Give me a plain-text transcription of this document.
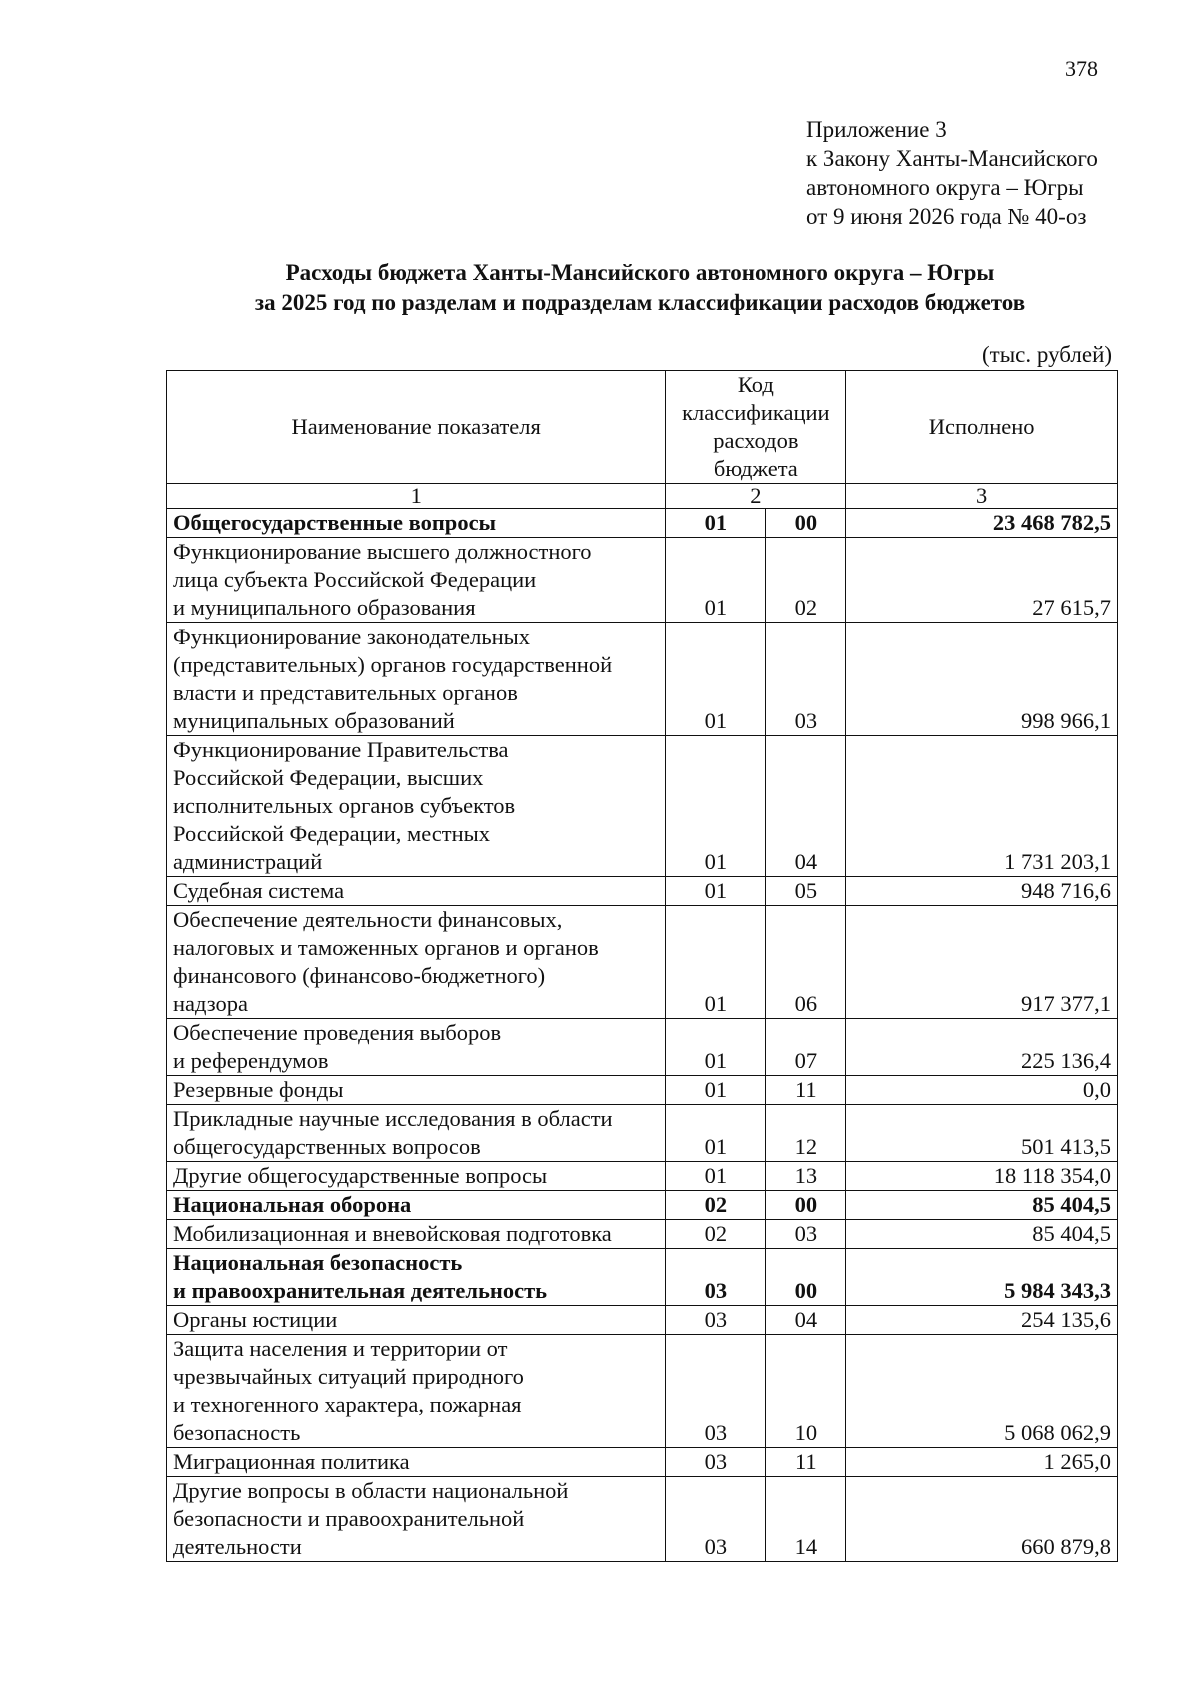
378
Приложение 3
к Закону Ханты-Мансийского
автономного округа – Югры
от 9 июня 2026 года № 40-оз
Расходы бюджета Ханты-Мансийского автономного округа – Югры
за 2025 год по разделам и подразделам классификации расходов бюджетов
(тыс. рублей)
Наименование показателя	Код
классификации
расходов
бюджета		Исполнено
1	2		3

Общегосударственные вопросы	01	00	23 468 782,5

Функционирование высшего должностного
лица субъекта Российской Федерации
и муниципального образования	01	02	27 615,7

Функционирование законодательных
(представительных) органов государственной
власти и представительных органов
муниципальных образований	01	03	998 966,1

Функционирование Правительства
Российской Федерации, высших
исполнительных органов субъектов
Российской Федерации, местных
администраций	01	04	1 731 203,1

Судебная система	01	05	948 716,6

Обеспечение деятельности финансовых,
налоговых и таможенных органов и органов
финансового (финансово-бюджетного)
надзора	01	06	917 377,1

Обеспечение проведения выборов
и референдумов	01	07	225 136,4

Резервные фонды	01	11	0,0

Прикладные научные исследования в области
общегосударственных вопросов	01	12	501 413,5

Другие общегосударственные вопросы	01	13	18 118 354,0

Национальная оборона	02	00	85 404,5

Мобилизационная и вневойсковая подготовка	02	03	85 404,5

Национальная безопасность
и правоохранительная деятельность	03	00	5 984 343,3

Органы юстиции	03	04	254 135,6

Защита населения и территории от
чрезвычайных ситуаций природного
и техногенного характера, пожарная
безопасность	03	10	5 068 062,9

Миграционная политика	03	11	1 265,0

Другие вопросы в области национальной
безопасности и правоохранительной
деятельности	03	14	660 879,8
